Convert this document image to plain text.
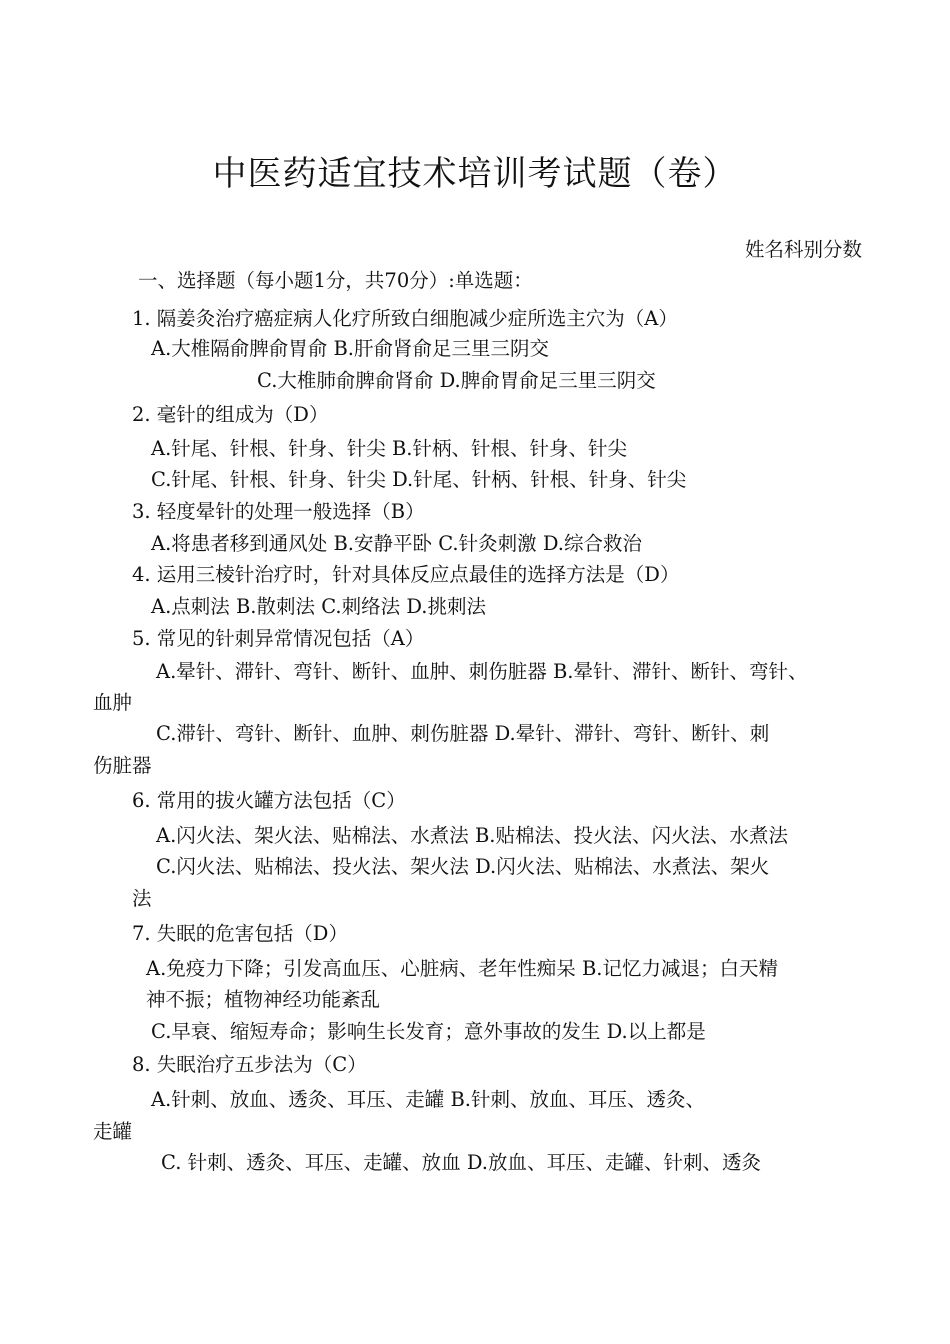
中医药适宜技术培训考试题（卷）
姓名科别分数
一、选择题（每小题1分，共70分）:单选题：
1. 隔姜灸治疗癌症病人化疗所致白细胞减少症所选主穴为（A）
A.大椎隔俞脾俞胃俞 B.肝俞肾俞足三里三阴交
C.大椎肺俞脾俞肾俞 D.脾俞胃俞足三里三阴交
2. 毫针的组成为（D）
A.针尾、针根、针身、针尖 B.针柄、针根、针身、针尖
C.针尾、针根、针身、针尖 D.针尾、针柄、针根、针身、针尖
3. 轻度晕针的处理一般选择（B）
A.将患者移到通风处 B.安静平卧 C.针灸刺激 D.综合救治
4. 运用三棱针治疗时，针对具体反应点最佳的选择方法是（D）
A.点刺法 B.散刺法 C.刺络法 D.挑刺法
5. 常见的针刺异常情况包括（A）
A.晕针、滞针、弯针、断针、血肿、刺伤脏器 B.晕针、滞针、断针、弯针、
血肿
C.滞针、弯针、断针、血肿、刺伤脏器 D.晕针、滞针、弯针、断针、刺
伤脏器
6. 常用的拔火罐方法包括（C）
A.闪火法、架火法、贴棉法、水煮法 B.贴棉法、投火法、闪火法、水煮法
C.闪火法、贴棉法、投火法、架火法 D.闪火法、贴棉法、水煮法、架火
法
7. 失眠的危害包括（D）
A.免疫力下降；引发高血压、心脏病、老年性痴呆 B.记忆力减退；白天精
神不振；植物神经功能紊乱
C.早衰、缩短寿命；影响生长发育；意外事故的发生 D.以上都是
8. 失眠治疗五步法为（C）
A.针刺、放血、透灸、耳压、走罐 B.针刺、放血、耳压、透灸、
走罐
C. 针刺、透灸、耳压、走罐、放血 D.放血、耳压、走罐、针刺、透灸
